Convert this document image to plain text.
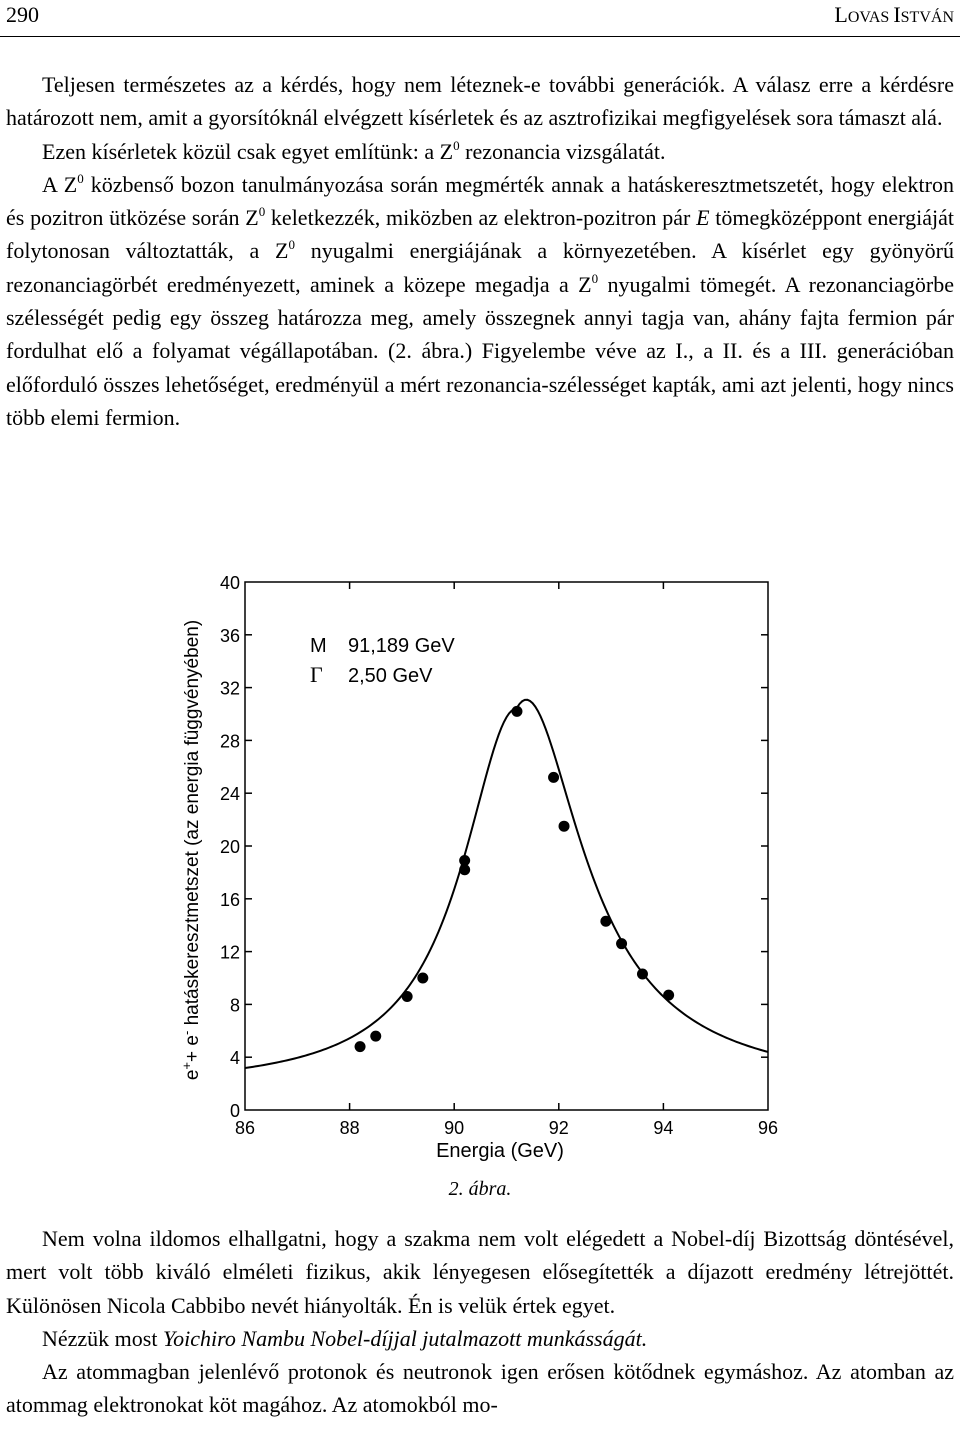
290	LOVAS ISTVÁN

Teljesen természetes az a kérdés, hogy nem léteznek-e további generációk. A válasz erre a kérdésre határozott nem, amit a gyorsítóknál elvégzett kísérletek és az asztrofizikai megfigyelések sora támaszt alá.
Ezen kísérletek közül csak egyet említünk: a $Z^0$ rezonancia vizsgálatát.
A $Z^0$ közbenső bozon tanulmányozása során megmérték annak a hatáskeresztmetszetét, hogy elektron és pozitron ütközése során $Z^0$ keletkezzék, miközben az elektron-pozitron pár E tömegközéppont energiáját folytonosan változtatták, a $Z^0$ nyugalmi energiájának a környezetében. A kísérlet egy gyönyörű rezonanciagörbét eredményezett, aminek a közepe megadja a $Z^0$ nyugalmi tömegét. A rezonanciagörbe szélességét pedig egy összeg határozza meg, amely összegnek annyi tagja van, ahány fajta fermion pár fordulhat elő a folyamat végállapotában. (2. ábra.) Figyelembe véve az I., a II. és a III. generációban előforduló összes lehetőséget, eredményül a mért rezonancia-szélességet kapták, ami azt jelenti, hogy nincs több elemi fermion.

0
4
8
12
16
20
24
28
32
36
40
86	88	90	92	94	96
M 91,189 GeV
Γ 2,50 GeV
Energia (GeV)
e++ e- hatáskeresztmetszet (az energia függvényében)
2. ábra.

Nem volna ildomos elhallgatni, hogy a szakma nem volt elégedett a Nobel-díj Bizottság döntésével, mert volt több kiváló elméleti fizikus, akik lényegesen elősegítették a díjazott eredmény létrejöttét. Különösen Nicola Cabbibo nevét hiányolták. Én is velük értek egyet.
Nézzük most Yoichiro Nambu Nobel-díjjal jutalmazott munkásságát.
Az atommagban jelenlévő protonok és neutronok igen erősen kötődnek egymáshoz. Az atomban az atommag elektronokat köt magához. Az atomokból mo-
